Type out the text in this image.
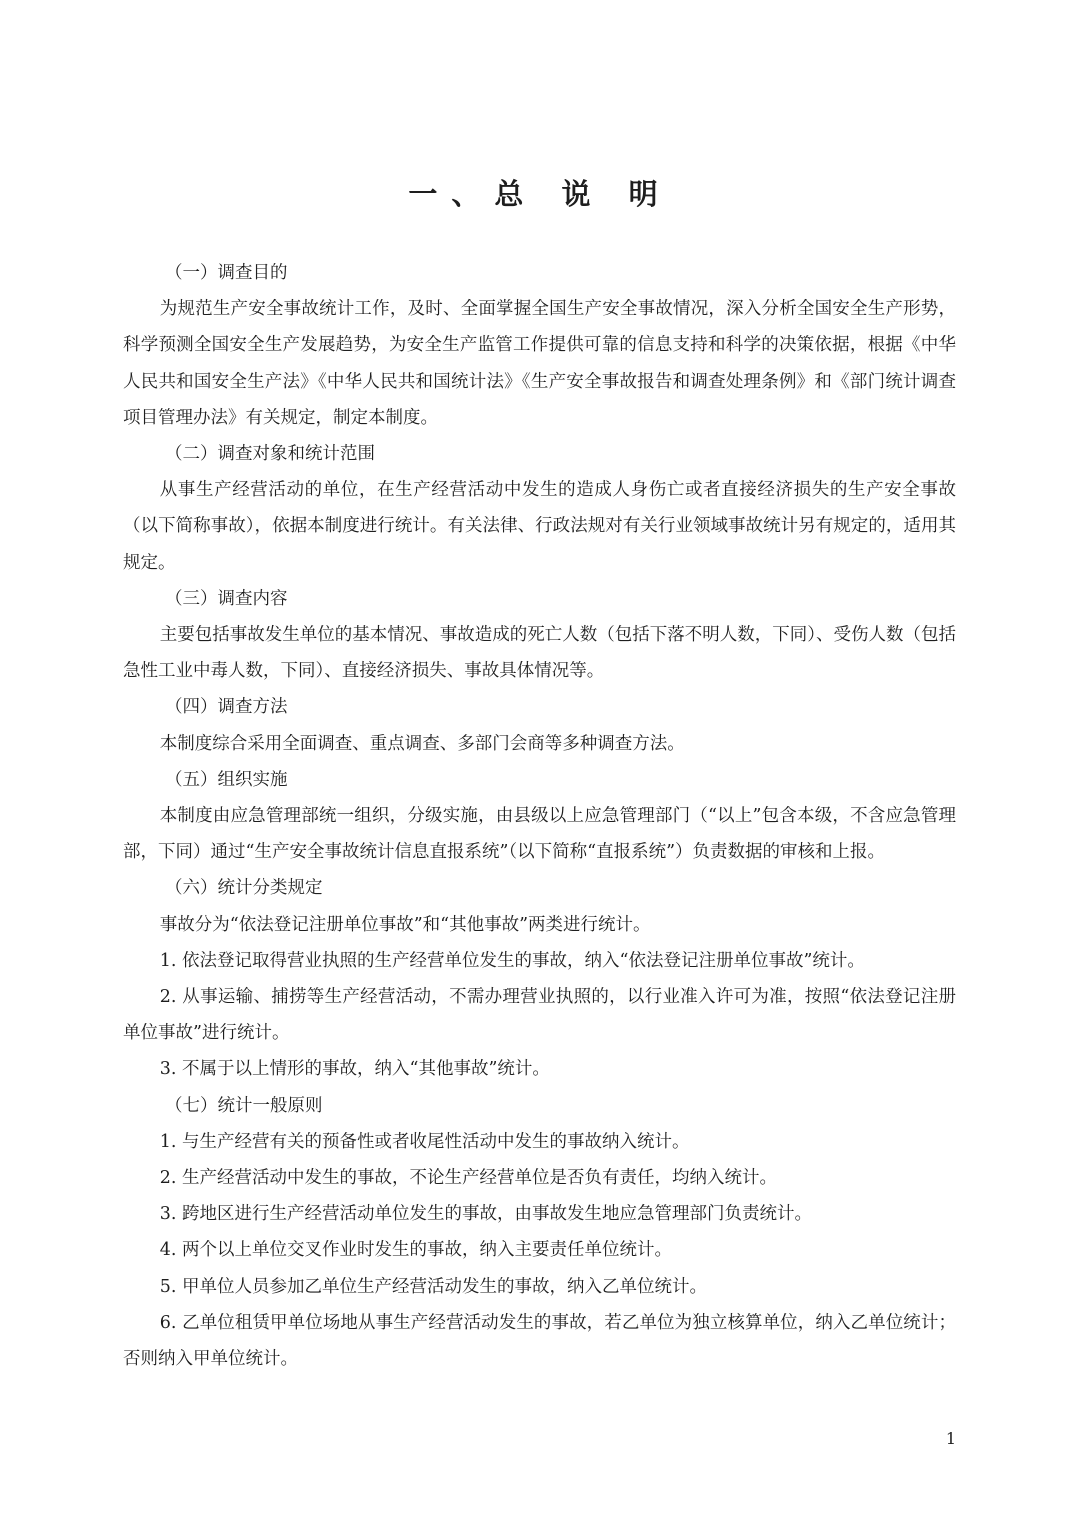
一、总 说 明

（一）调查目的

为规范生产安全事故统计工作，及时、全面掌握全国生产安全事故情况，深入分析全国安全生产形势，科学预测全国安全生产发展趋势，为安全生产监管工作提供可靠的信息支持和科学的决策依据，根据《中华人民共和国安全生产法》《中华人民共和国统计法》《生产安全事故报告和调查处理条例》和《部门统计调查项目管理办法》有关规定，制定本制度。

（二）调查对象和统计范围

从事生产经营活动的单位，在生产经营活动中发生的造成人身伤亡或者直接经济损失的生产安全事故（以下简称事故），依据本制度进行统计。有关法律、行政法规对有关行业领域事故统计另有规定的，适用其规定。

（三）调查内容

主要包括事故发生单位的基本情况、事故造成的死亡人数（包括下落不明人数，下同）、受伤人数（包括急性工业中毒人数，下同）、直接经济损失、事故具体情况等。

（四）调查方法

本制度综合采用全面调查、重点调查、多部门会商等多种调查方法。

（五）组织实施

本制度由应急管理部统一组织，分级实施，由县级以上应急管理部门（“以上”包含本级，不含应急管理部，下同）通过“生产安全事故统计信息直报系统”（以下简称“直报系统”）负责数据的审核和上报。

（六）统计分类规定

事故分为“依法登记注册单位事故”和“其他事故”两类进行统计。

1. 依法登记取得营业执照的生产经营单位发生的事故，纳入“依法登记注册单位事故”统计。

2. 从事运输、捕捞等生产经营活动，不需办理营业执照的，以行业准入许可为准，按照“依法登记注册单位事故”进行统计。

3. 不属于以上情形的事故，纳入“其他事故”统计。

（七）统计一般原则

1. 与生产经营有关的预备性或者收尾性活动中发生的事故纳入统计。

2. 生产经营活动中发生的事故，不论生产经营单位是否负有责任，均纳入统计。

3. 跨地区进行生产经营活动单位发生的事故，由事故发生地应急管理部门负责统计。

4. 两个以上单位交叉作业时发生的事故，纳入主要责任单位统计。

5. 甲单位人员参加乙单位生产经营活动发生的事故，纳入乙单位统计。

6. 乙单位租赁甲单位场地从事生产经营活动发生的事故，若乙单位为独立核算单位，纳入乙单位统计；否则纳入甲单位统计。

1
